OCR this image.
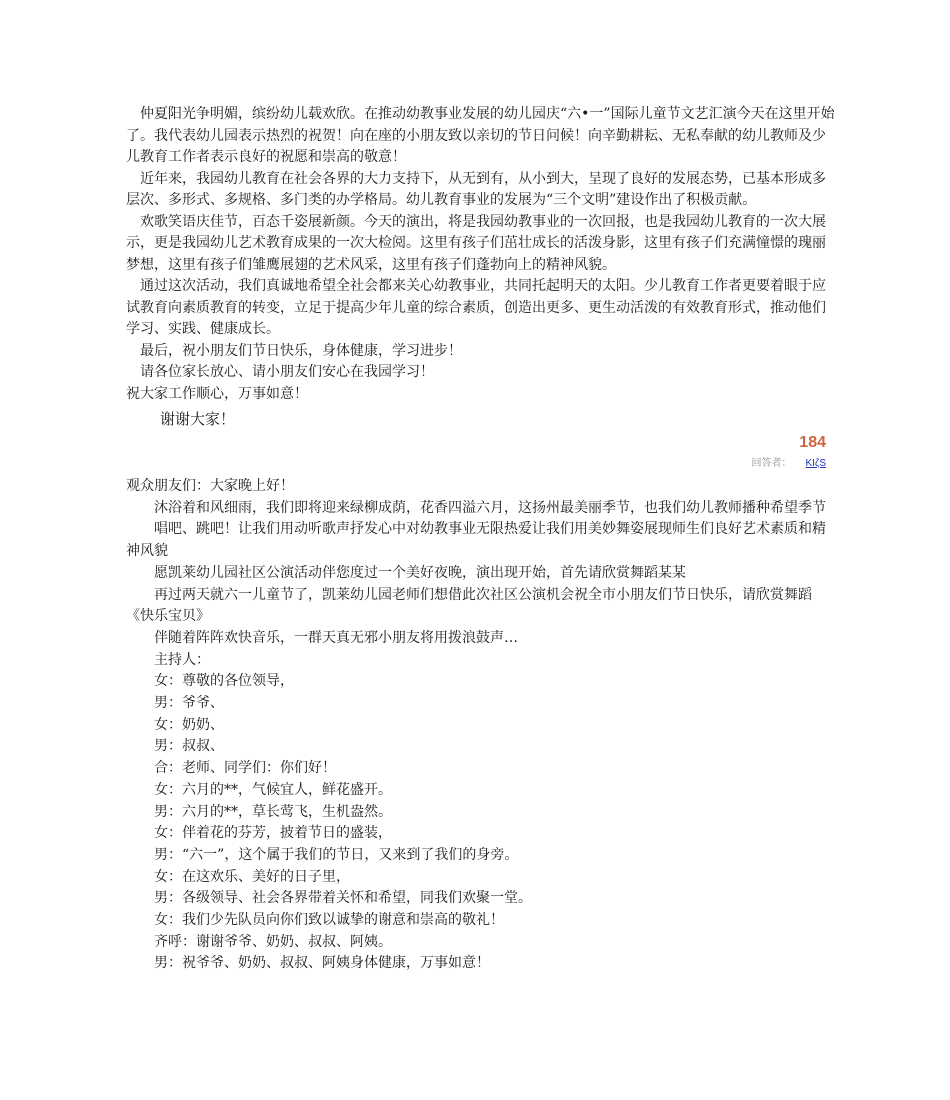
仲夏阳光争明媚，缤纷幼儿载欢欣。在推动幼教事业发展的幼儿园庆“六•一”国际儿童节文艺汇演今天在这里开始了。我代表幼儿园表示热烈的祝贺！向在座的小朋友致以亲切的节日问候！向辛勤耕耘、无私奉献的幼儿教师及少儿教育工作者表示良好的祝愿和崇高的敬意！

近年来，我园幼儿教育在社会各界的大力支持下，从无到有，从小到大，呈现了良好的发展态势，已基本形成多层次、多形式、多规格、多门类的办学格局。幼儿教育事业的发展为“三个文明”建设作出了积极贡献。

欢歌笑语庆佳节，百态千姿展新颜。今天的演出，将是我园幼教事业的一次回报，也是我园幼儿教育的一次大展示，更是我园幼儿艺术教育成果的一次大检阅。这里有孩子们茁壮成长的活泼身影，这里有孩子们充满憧憬的瑰丽梦想，这里有孩子们雏鹰展翅的艺术风采，这里有孩子们蓬勃向上的精神风貌。

通过这次活动，我们真诚地希望全社会都来关心幼教事业，共同托起明天的太阳。少儿教育工作者更要着眼于应试教育向素质教育的转变，立足于提高少年儿童的综合素质，创造出更多、更生动活泼的有效教育形式，推动他们学习、实践、健康成长。

最后，祝小朋友们节日快乐，身体健康，学习进步！

请各位家长放心、请小朋友们安心在我园学习！

祝大家工作顺心，万事如意！

谢谢大家！

184
回答者： ΚΙζS

观众朋友们：大家晚上好！

沐浴着和风细雨，我们即将迎来绿柳成荫，花香四溢六月，这扬州最美丽季节，也我们幼儿教师播种希望季节

唱吧、跳吧！让我们用动听歌声抒发心中对幼教事业无限热爱让我们用美妙舞姿展现师生们良好艺术素质和精神风貌

愿凯莱幼儿园社区公演活动伴您度过一个美好夜晚，演出现开始，首先请欣赏舞蹈某某

再过两天就六一儿童节了，凯莱幼儿园老师们想借此次社区公演机会祝全市小朋友们节日快乐，请欣赏舞蹈《快乐宝贝》

伴随着阵阵欢快音乐，一群天真无邪小朋友将用拨浪鼓声…

主持人：

女：尊敬的各位领导，

男：爷爷、

女：奶奶、

男：叔叔、

合：老师、同学们：你们好！

女：六月的**，气候宜人，鲜花盛开。

男：六月的**，草长莺飞，生机盎然。

女：伴着花的芬芳，披着节日的盛装，

男：“六一”，这个属于我们的节日，又来到了我们的身旁。

女：在这欢乐、美好的日子里，

男：各级领导、社会各界带着关怀和希望，同我们欢聚一堂。

女：我们少先队员向你们致以诚挚的谢意和崇高的敬礼！

齐呼：谢谢爷爷、奶奶、叔叔、阿姨。

男：祝爷爷、奶奶、叔叔、阿姨身体健康，万事如意！
